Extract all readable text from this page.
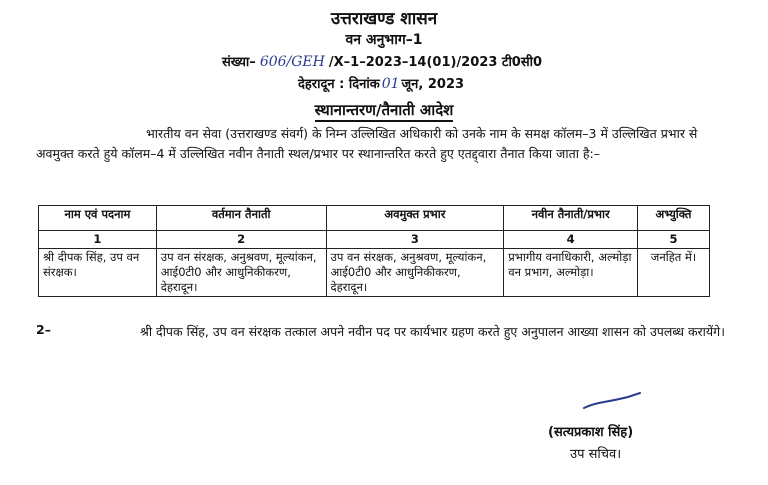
उत्तराखण्ड शासन
वन अनुभाग–1
संख्या– 606/GEH /X–1–2023–14(01)/2023 टी0सी0
देहरादून : दिनांक 01 जून, 2023
स्थानान्तरण/तैनाती आदेश
भारतीय वन सेवा (उत्तराखण्ड संवर्ग) के निम्न उल्लिखित अधिकारी को उनके नाम के समक्ष कॉलम–3 में उल्लिखित प्रभार से अवमुक्त करते हुये कॉलम–4 में उल्लिखित नवीन तैनाती स्थल/प्रभार पर स्थानान्तरित करते हुए एतद्द्वारा तैनात किया जाता है:–
नाम एवं पदनाम	वर्तमान तैनाती	अवमुक्त प्रभार	नवीन तैनाती/प्रभार	अभ्युक्ति
1	2	3	4	5
श्री दीपक सिंह, उप वन संरक्षक।	उप वन संरक्षक, अनुश्रवण, मूल्यांकन, आई0टी0 और आधुनिकीकरण, देहरादून।	उप वन संरक्षक, अनुश्रवण, मूल्यांकन, आई0टी0 और आधुनिकीकरण, देहरादून।	प्रभागीय वनाधिकारी, अल्मोड़ा वन प्रभाग, अल्मोड़ा।	जनहित में।
2–	श्री दीपक सिंह, उप वन संरक्षक तत्काल अपने नवीन पद पर कार्यभार ग्रहण करते हुए अनुपालन आख्या शासन को उपलब्ध करायेंगे।
(सत्यप्रकाश सिंह)
उप सचिव।
